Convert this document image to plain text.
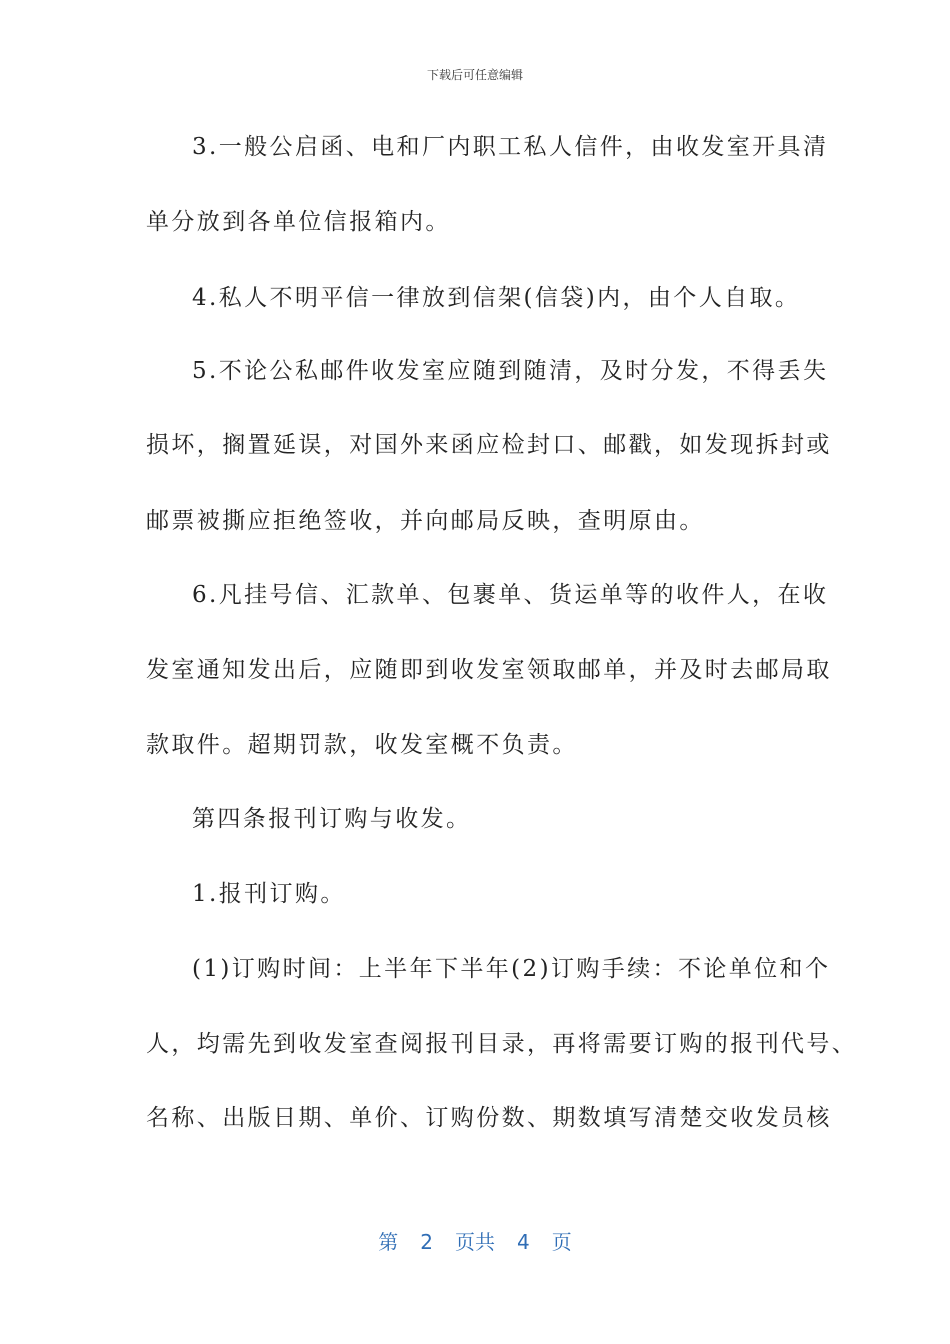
下载后可任意编辑
3.一般公启函、电和厂内职工私人信件，由收发室开具清
单分放到各单位信报箱内。
4.私人不明平信一律放到信架(信袋)内，由个人自取。
5.不论公私邮件收发室应随到随清，及时分发，不得丢失
损坏，搁置延误，对国外来函应检封口、邮戳，如发现拆封或
邮票被撕应拒绝签收，并向邮局反映，查明原由。
6.凡挂号信、汇款单、包裹单、货运单等的收件人，在收
发室通知发出后，应随即到收发室领取邮单，并及时去邮局取
款取件。超期罚款，收发室概不负责。
第四条报刊订购与收发。
1.报刊订购。
(1)订购时间：上半年下半年(2)订购手续：不论单位和个
人，均需先到收发室查阅报刊目录，再将需要订购的报刊代号、
名称、出版日期、单价、订购份数、期数填写清楚交收发员核
第 2 页共 4 页
